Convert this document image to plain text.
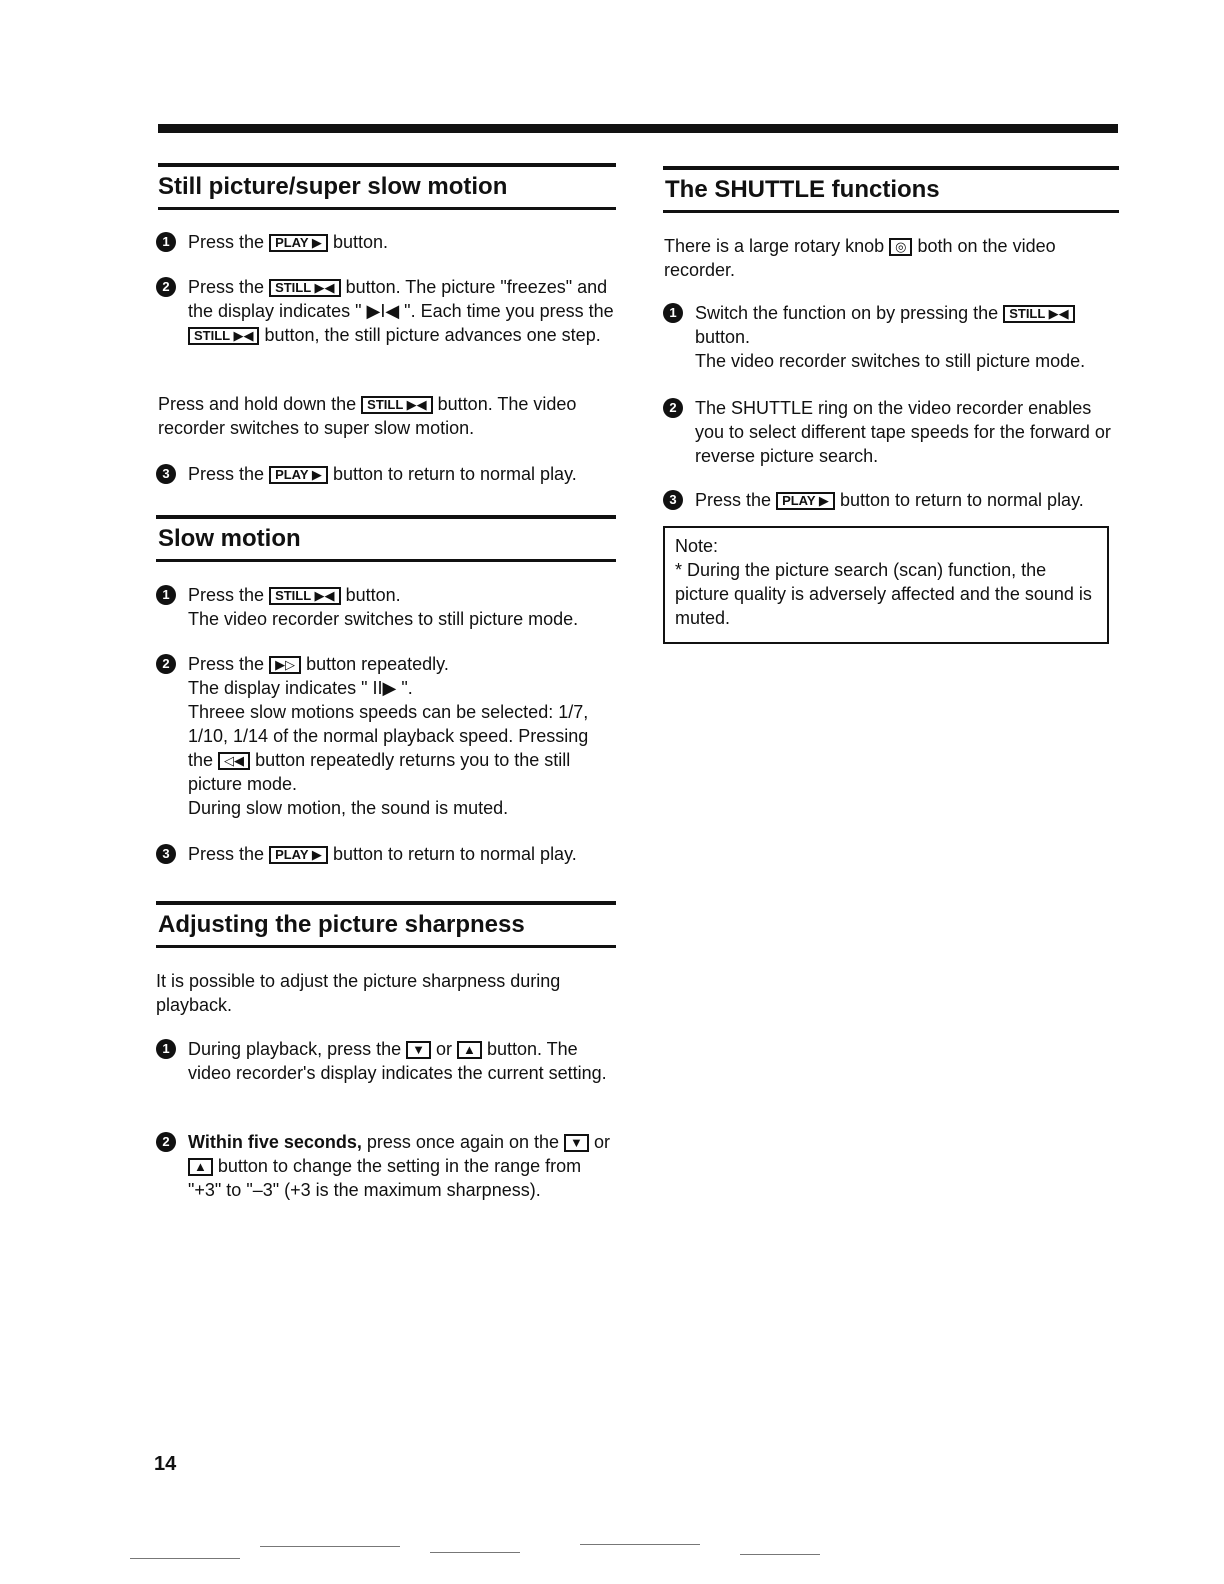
Still picture/super slow motion
1	Press the PLAY ▶ button.
2	Press the STILL ▶◀ button. The picture "freezes" and the display indicates " ▶I◀ ". Each time you press the STILL ▶◀ button, the still picture advances one step.
Press and hold down the STILL ▶◀ button. The video recorder switches to super slow motion.
3	Press the PLAY ▶ button to return to normal play.
Slow motion
1	Press the STILL ▶◀ button.
The video recorder switches to still picture mode.
2	Press the ▶▷ button repeatedly.
The display indicates " II▶ ".
Threee slow motions speeds can be selected: 1/7, 1/10, 1/14 of the normal playback speed. Pressing the ◁◀ button repeatedly returns you to the still picture mode.
During slow motion, the sound is muted.
3	Press the PLAY ▶ button to return to normal play.
Adjusting the picture sharpness
It is possible to adjust the picture sharpness during playback.
1	During playback, press the ▼ or ▲ button. The video recorder's display indicates the current setting.
2	Within five seconds, press once again on the ▼ or ▲ button to change the setting in the range from "+3" to "–3" (+3 is the maximum sharpness).
The SHUTTLE functions
There is a large rotary knob ◎ both on the video recorder.
1	Switch the function on by pressing the STILL ▶◀ button.
The video recorder switches to still picture mode.
2	The SHUTTLE ring on the video recorder enables you to select different tape speeds for the forward or reverse picture search.
3	Press the PLAY ▶ button to return to normal play.
Note:
* During the picture search (scan) function, the picture quality is adversely affected and the sound is muted.
14
